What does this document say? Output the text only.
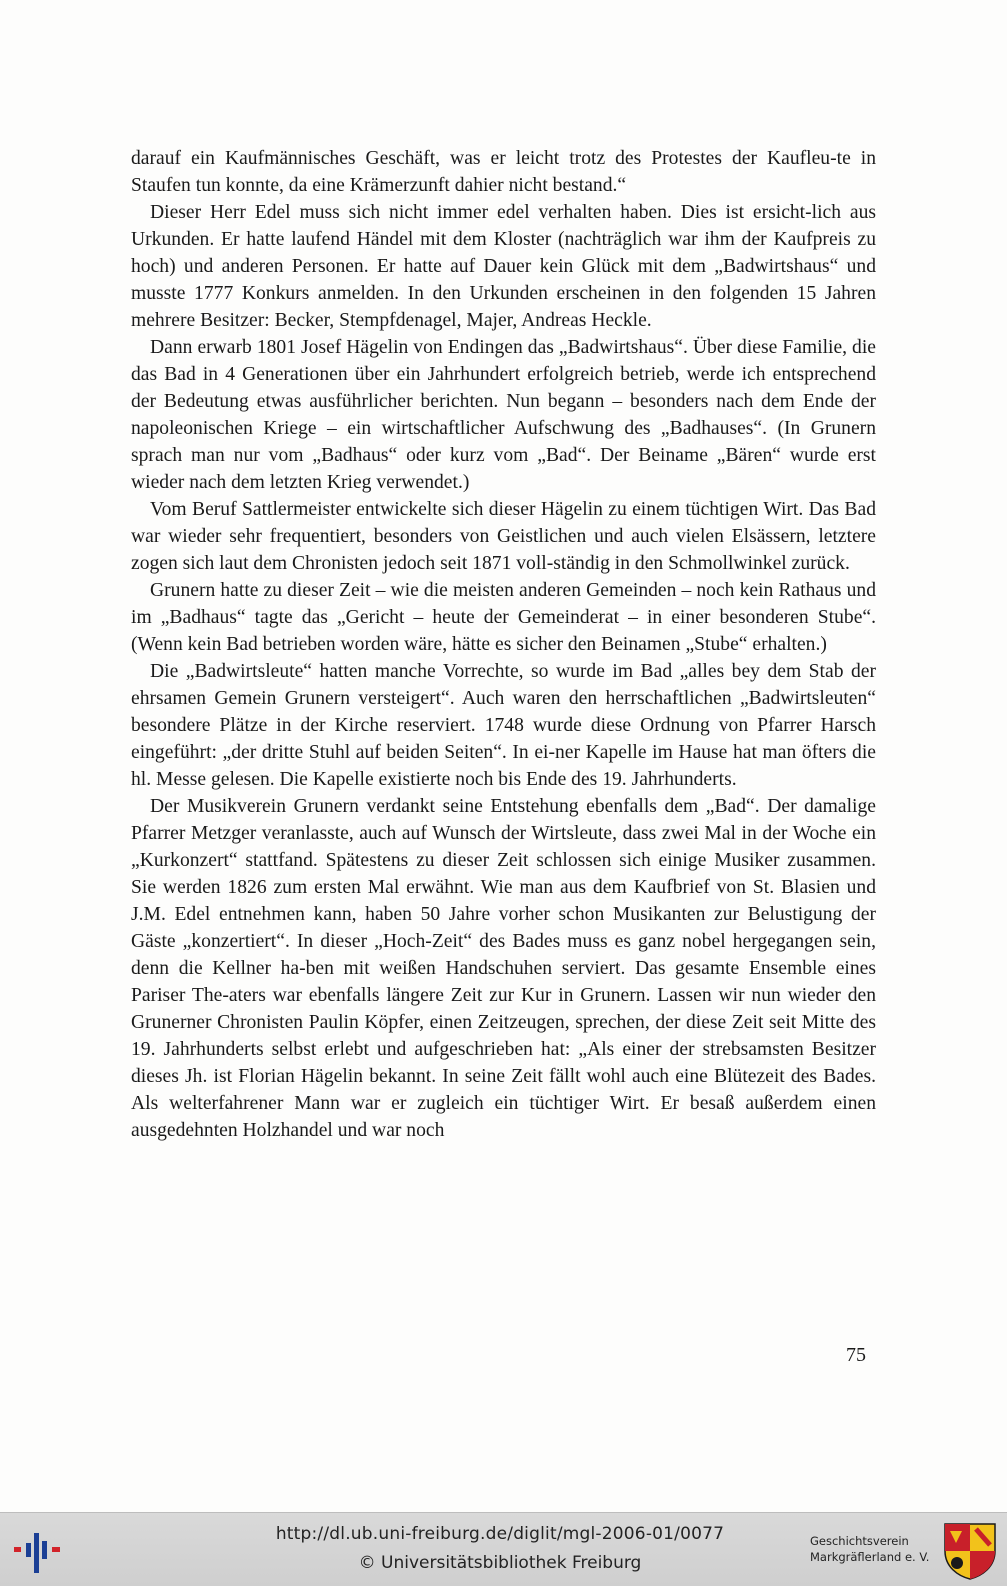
darauf ein Kaufmännisches Geschäft, was er leicht trotz des Protestes der Kaufleu-te in Staufen tun konnte, da eine Krämerzunft dahier nicht bestand.“

Dieser Herr Edel muss sich nicht immer edel verhalten haben. Dies ist ersicht-lich aus Urkunden. Er hatte laufend Händel mit dem Kloster (nachträglich war ihm der Kaufpreis zu hoch) und anderen Personen. Er hatte auf Dauer kein Glück mit dem „Badwirtshaus“ und musste 1777 Konkurs anmelden. In den Urkunden erscheinen in den folgenden 15 Jahren mehrere Besitzer: Becker, Stempfdenagel, Majer, Andreas Heckle.

Dann erwarb 1801 Josef Hägelin von Endingen das „Badwirtshaus“. Über diese Familie, die das Bad in 4 Generationen über ein Jahrhundert erfolgreich betrieb, werde ich entsprechend der Bedeutung etwas ausführlicher berichten. Nun begann – besonders nach dem Ende der napoleonischen Kriege – ein wirtschaftlicher Aufschwung des „Badhauses“. (In Grunern sprach man nur vom „Badhaus“ oder kurz vom „Bad“. Der Beiname „Bären“ wurde erst wieder nach dem letzten Krieg verwendet.)

Vom Beruf Sattlermeister entwickelte sich dieser Hägelin zu einem tüchtigen Wirt. Das Bad war wieder sehr frequentiert, besonders von Geistlichen und auch vielen Elsässern, letztere zogen sich laut dem Chronisten jedoch seit 1871 voll-ständig in den Schmollwinkel zurück.

Grunern hatte zu dieser Zeit – wie die meisten anderen Gemeinden – noch kein Rathaus und im „Badhaus“ tagte das „Gericht – heute der Gemeinderat – in einer besonderen Stube“. (Wenn kein Bad betrieben worden wäre, hätte es sicher den Beinamen „Stube“ erhalten.)

Die „Badwirtsleute“ hatten manche Vorrechte, so wurde im Bad „alles bey dem Stab der ehrsamen Gemein Grunern versteigert“. Auch waren den herrschaftlichen „Badwirtsleuten“ besondere Plätze in der Kirche reserviert. 1748 wurde diese Ordnung von Pfarrer Harsch eingeführt: „der dritte Stuhl auf beiden Seiten“. In ei-ner Kapelle im Hause hat man öfters die hl. Messe gelesen. Die Kapelle existierte noch bis Ende des 19. Jahrhunderts.

Der Musikverein Grunern verdankt seine Entstehung ebenfalls dem „Bad“. Der damalige Pfarrer Metzger veranlasste, auch auf Wunsch der Wirtsleute, dass zwei Mal in der Woche ein „Kurkonzert“ stattfand. Spätestens zu dieser Zeit schlossen sich einige Musiker zusammen. Sie werden 1826 zum ersten Mal erwähnt. Wie man aus dem Kaufbrief von St. Blasien und J.M. Edel entnehmen kann, haben 50 Jahre vorher schon Musikanten zur Belustigung der Gäste „konzertiert“. In dieser „Hoch-Zeit“ des Bades muss es ganz nobel hergegangen sein, denn die Kellner ha-ben mit weißen Handschuhen serviert. Das gesamte Ensemble eines Pariser The-aters war ebenfalls längere Zeit zur Kur in Grunern. Lassen wir nun wieder den Grunerner Chronisten Paulin Köpfer, einen Zeitzeugen, sprechen, der diese Zeit seit Mitte des 19. Jahrhunderts selbst erlebt und aufgeschrieben hat: „Als einer der strebsamsten Besitzer dieses Jh. ist Florian Hägelin bekannt. In seine Zeit fällt wohl auch eine Blütezeit des Bades. Als welterfahrener Mann war er zugleich ein tüchtiger Wirt. Er besaß außerdem einen ausgedehnten Holzhandel und war noch

75
http://dl.ub.uni-freiburg.de/diglit/mgl-2006-01/0077
© Universitätsbibliothek Freiburg
Geschichtsverein
Markgräflerland e. V.
